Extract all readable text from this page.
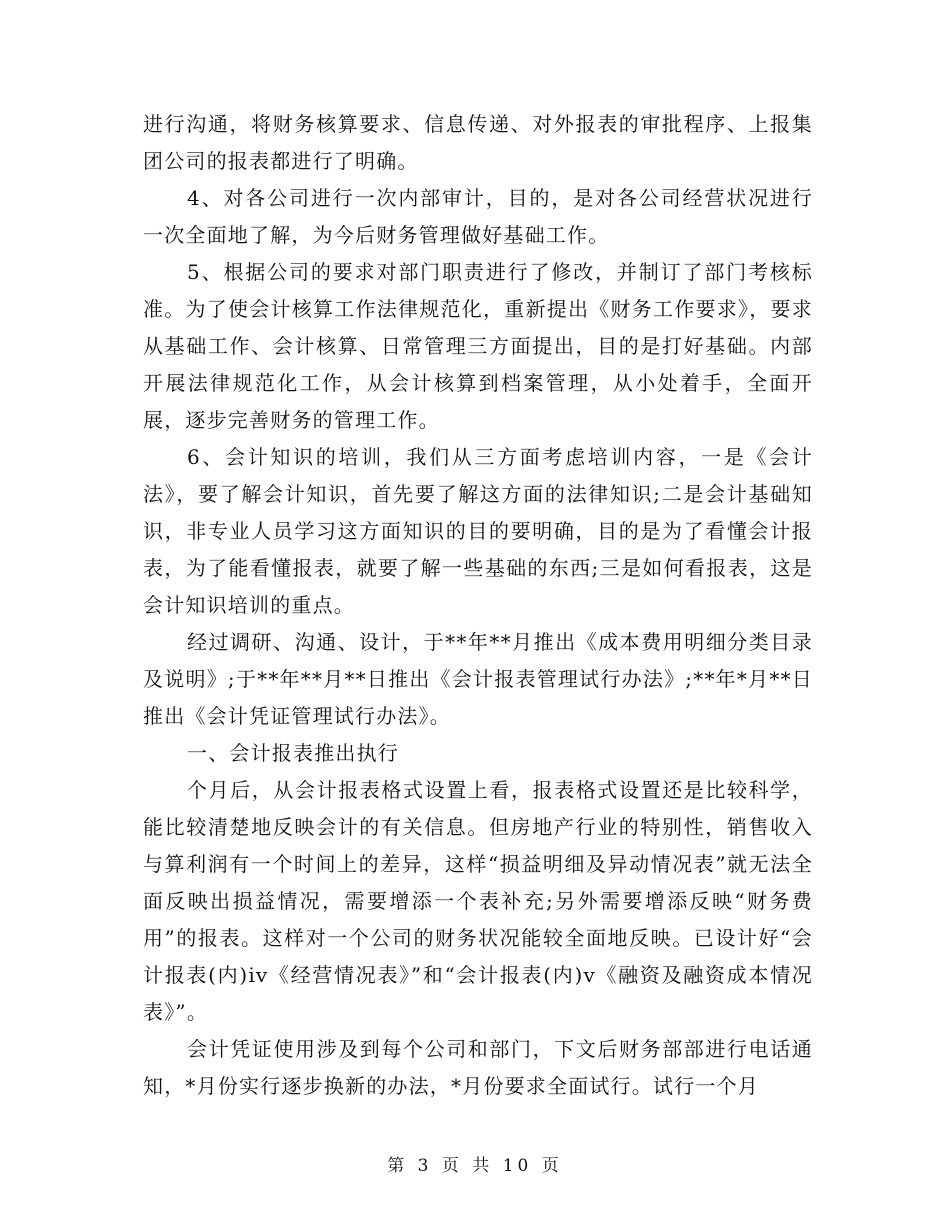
进行沟通，将财务核算要求、信息传递、对外报表的审批程序、上报集团公司的报表都进行了明确。

4、对各公司进行一次内部审计，目的，是对各公司经营状况进行一次全面地了解，为今后财务管理做好基础工作。

5、根据公司的要求对部门职责进行了修改，并制订了部门考核标准。为了使会计核算工作法律规范化，重新提出《财务工作要求》，要求从基础工作、会计核算、日常管理三方面提出，目的是打好基础。内部开展法律规范化工作，从会计核算到档案管理，从小处着手，全面开展，逐步完善财务的管理工作。

6、会计知识的培训，我们从三方面考虑培训内容，一是《会计法》，要了解会计知识，首先要了解这方面的法律知识;二是会计基础知识，非专业人员学习这方面知识的目的要明确，目的是为了看懂会计报表，为了能看懂报表，就要了解一些基础的东西;三是如何看报表，这是会计知识培训的重点。

经过调研、沟通、设计，于**年**月推出《成本费用明细分类目录及说明》;于**年**月**日推出《会计报表管理试行办法》;**年*月**日推出《会计凭证管理试行办法》。

一、会计报表推出执行

个月后，从会计报表格式设置上看，报表格式设置还是比较科学，能比较清楚地反映会计的有关信息。但房地产行业的特别性，销售收入与算利润有一个时间上的差异，这样“损益明细及异动情况表”就无法全面反映出损益情况，需要增添一个表补充;另外需要增添反映“财务费用”的报表。这样对一个公司的财务状况能较全面地反映。已设计好“会计报表(内)iv《经营情况表》”和“会计报表(内)v《融资及融资成本情况表》”。

会计凭证使用涉及到每个公司和部门，下文后财务部部进行电话通知，*月份实行逐步换新的办法，*月份要求全面试行。试行一个月

第 3 页 共 10 页
